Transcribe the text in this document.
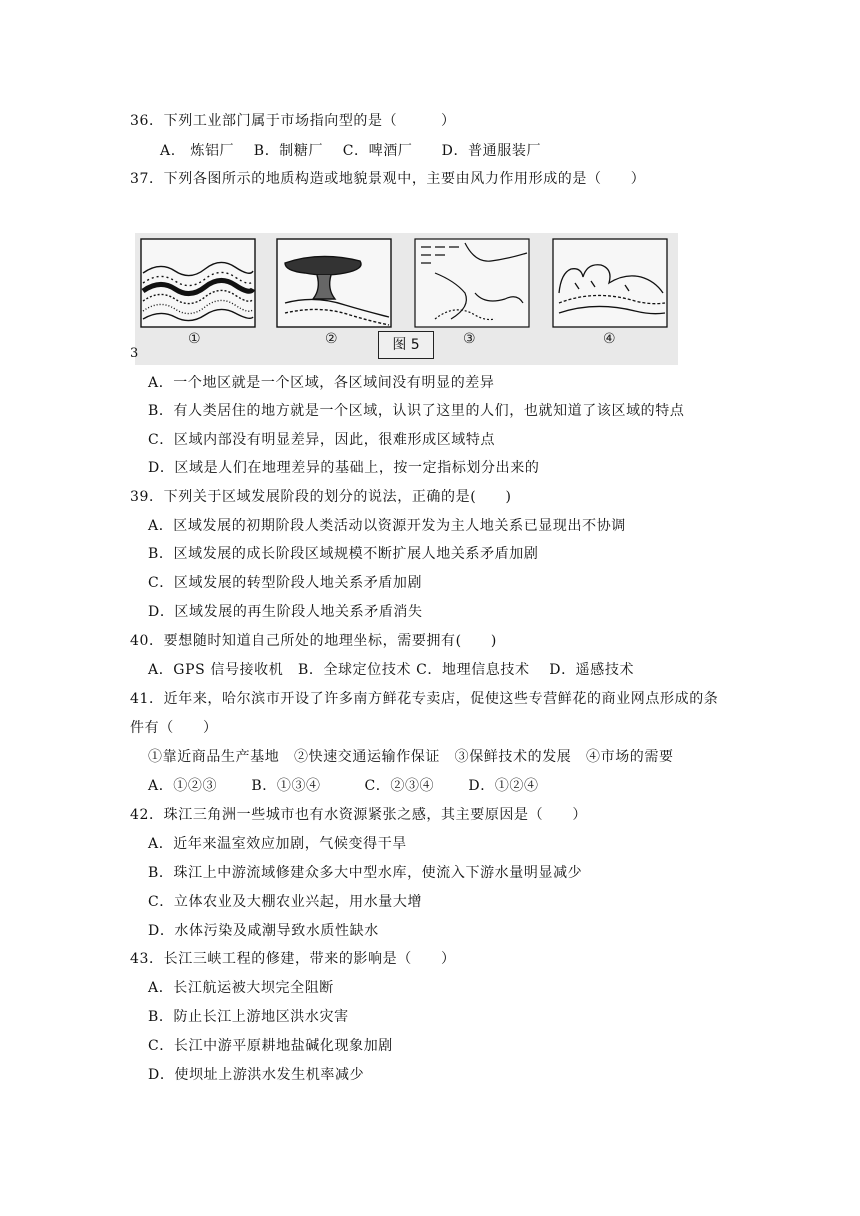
36．下列工业部门属于市场指向型的是（　　　）
A.　炼铝厂　 B．制糖厂　 C．啤酒厂　　D．普通服装厂
37．下列各图所示的地质构造或地貌景观中，主要由风力作用形成的是（　　）
①	②	③	④
图 5
3
A．一个地区就是一个区域，各区域间没有明显的差异
B．有人类居住的地方就是一个区域，认识了这里的人们，也就知道了该区域的特点
C．区域内部没有明显差异，因此，很难形成区域特点
D．区域是人们在地理差异的基础上，按一定指标划分出来的
39．下列关于区域发展阶段的划分的说法，正确的是(　　)
A．区域发展的初期阶段人类活动以资源开发为主人地关系已显现出不协调
B．区域发展的成长阶段区域规模不断扩展人地关系矛盾加剧
C．区域发展的转型阶段人地关系矛盾加剧
D．区域发展的再生阶段人地关系矛盾消失
40．要想随时知道自己所处的地理坐标，需要拥有(　　)
A．GPS 信号接收机　B．全球定位技术 C．地理信息技术　 D．遥感技术
41．近年来，哈尔滨市开设了许多南方鲜花专卖店，促使这些专营鲜花的商业网点形成的条
件有（　　）
①靠近商品生产基地　②快速交通运输作保证　③保鲜技术的发展　④市场的需要
A．①②③　　 B．①③④　　　C．②③④　　 D．①②④
42．珠江三角洲一些城市也有水资源紧张之感，其主要原因是（　　）
A．近年来温室效应加剧，气候变得干旱
B．珠江上中游流域修建众多大中型水库，使流入下游水量明显减少
C．立体农业及大棚农业兴起，用水量大增
D．水体污染及咸潮导致水质性缺水
43．长江三峡工程的修建，带来的影响是（　　）
A．长江航运被大坝完全阻断
B．防止长江上游地区洪水灾害
C．长江中游平原耕地盐碱化现象加剧
D．使坝址上游洪水发生机率减少
